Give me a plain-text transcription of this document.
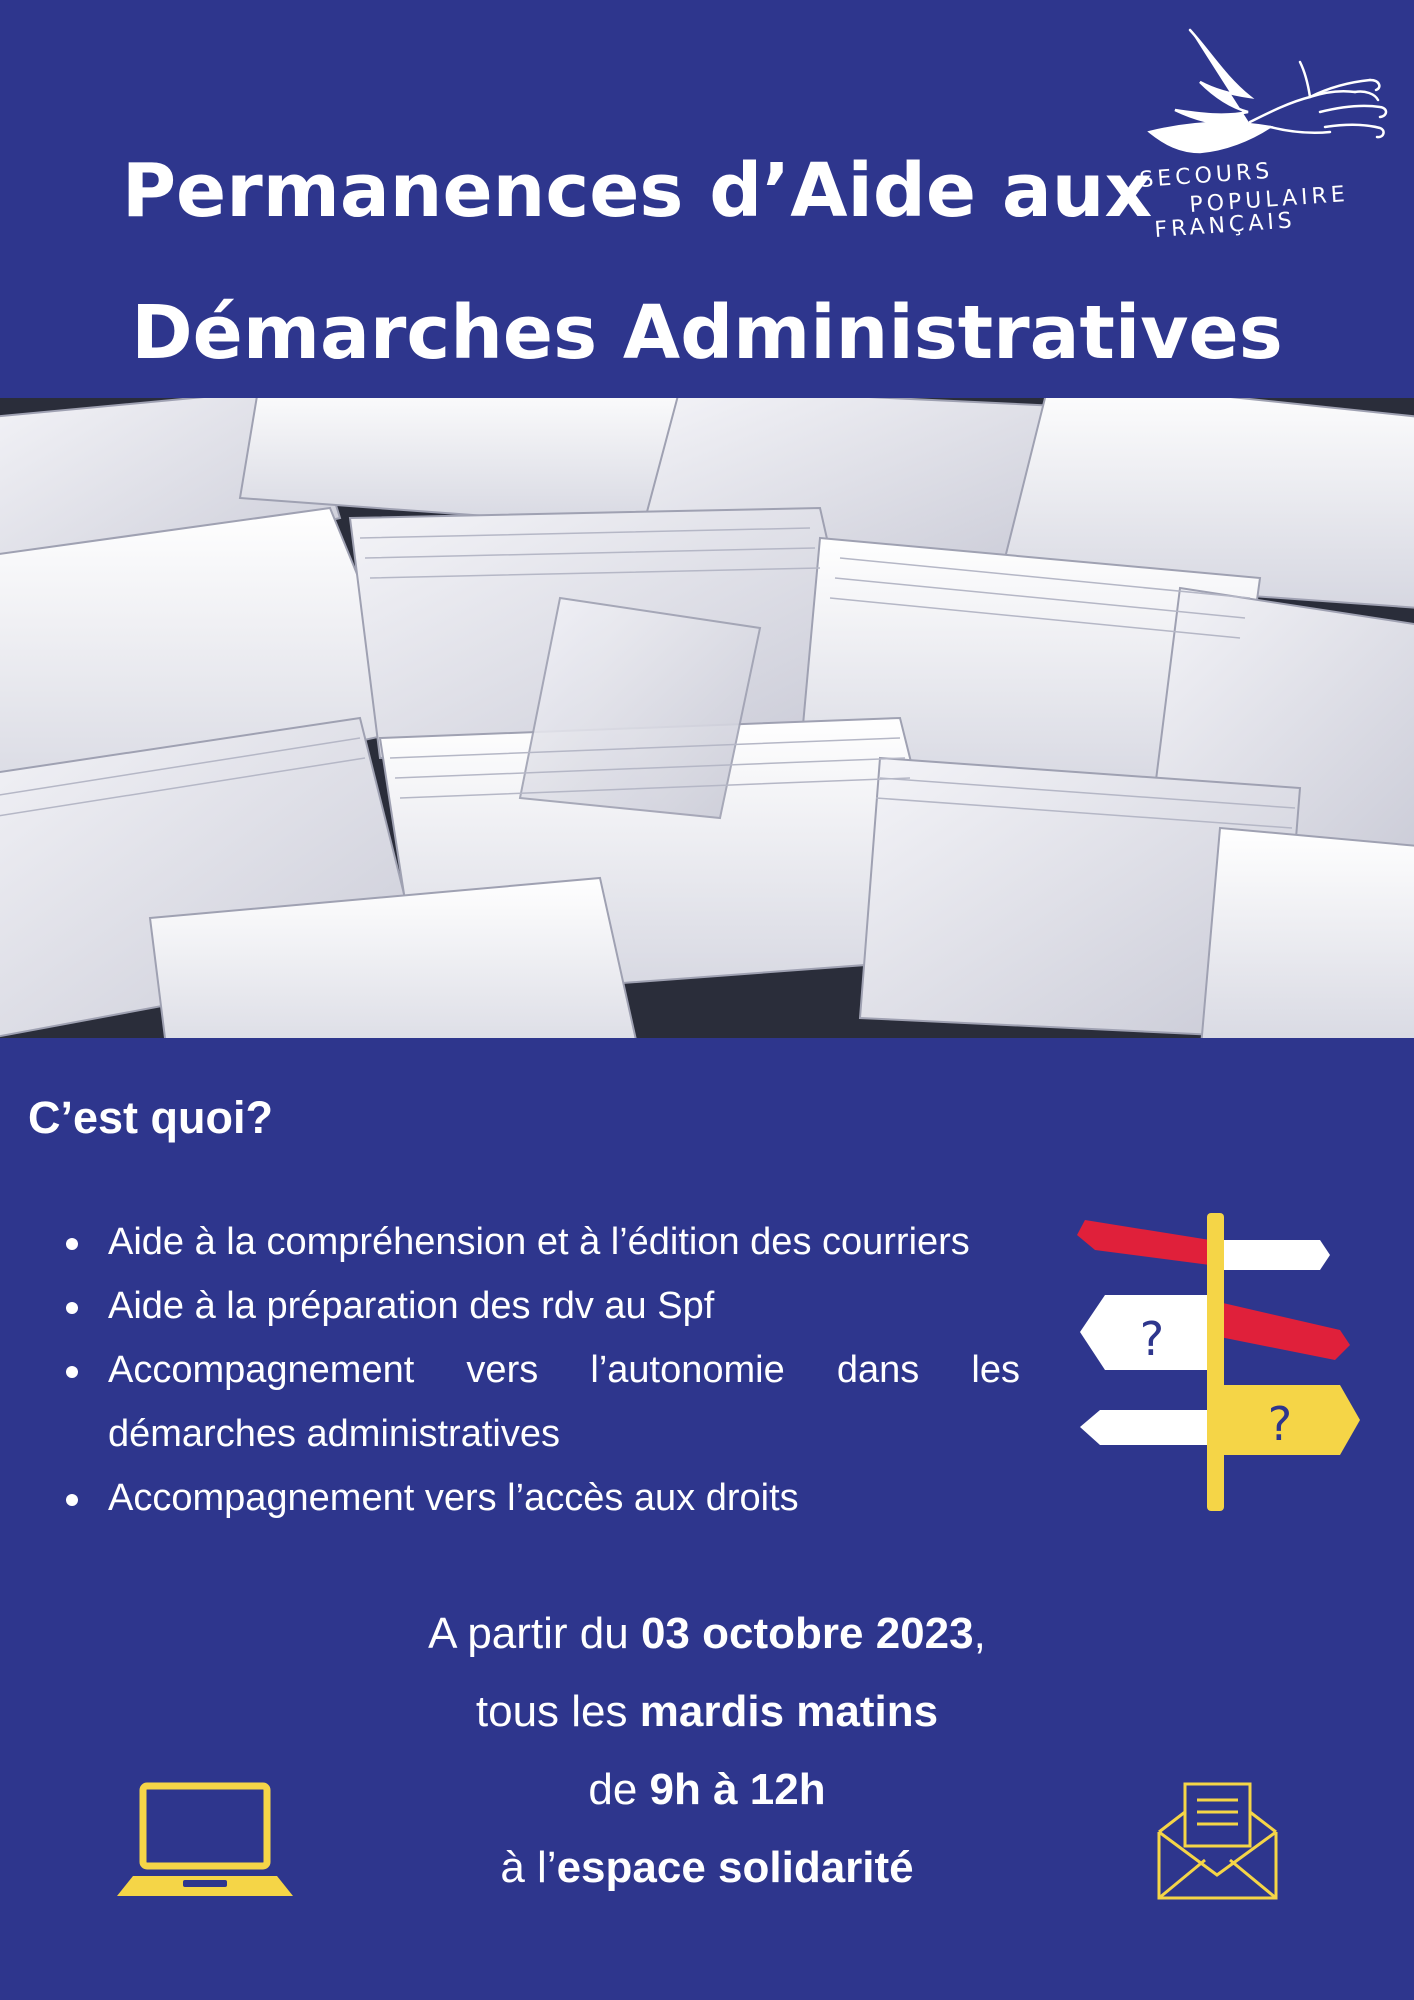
SECOURS
POPULAIRE
FRANÇAIS
Permanences d’Aide aux
Démarches Administratives
C’est quoi?
Aide à la compréhension et à l’édition des courriers
Aide à la préparation des rdv au Spf
Accompagnement vers l’autonomie dans les démarches administratives
Accompagnement vers l’accès aux droits
?
?
A partir du 03 octobre 2023,
tous les mardis matins
de 9h à 12h
à l’espace solidarité
